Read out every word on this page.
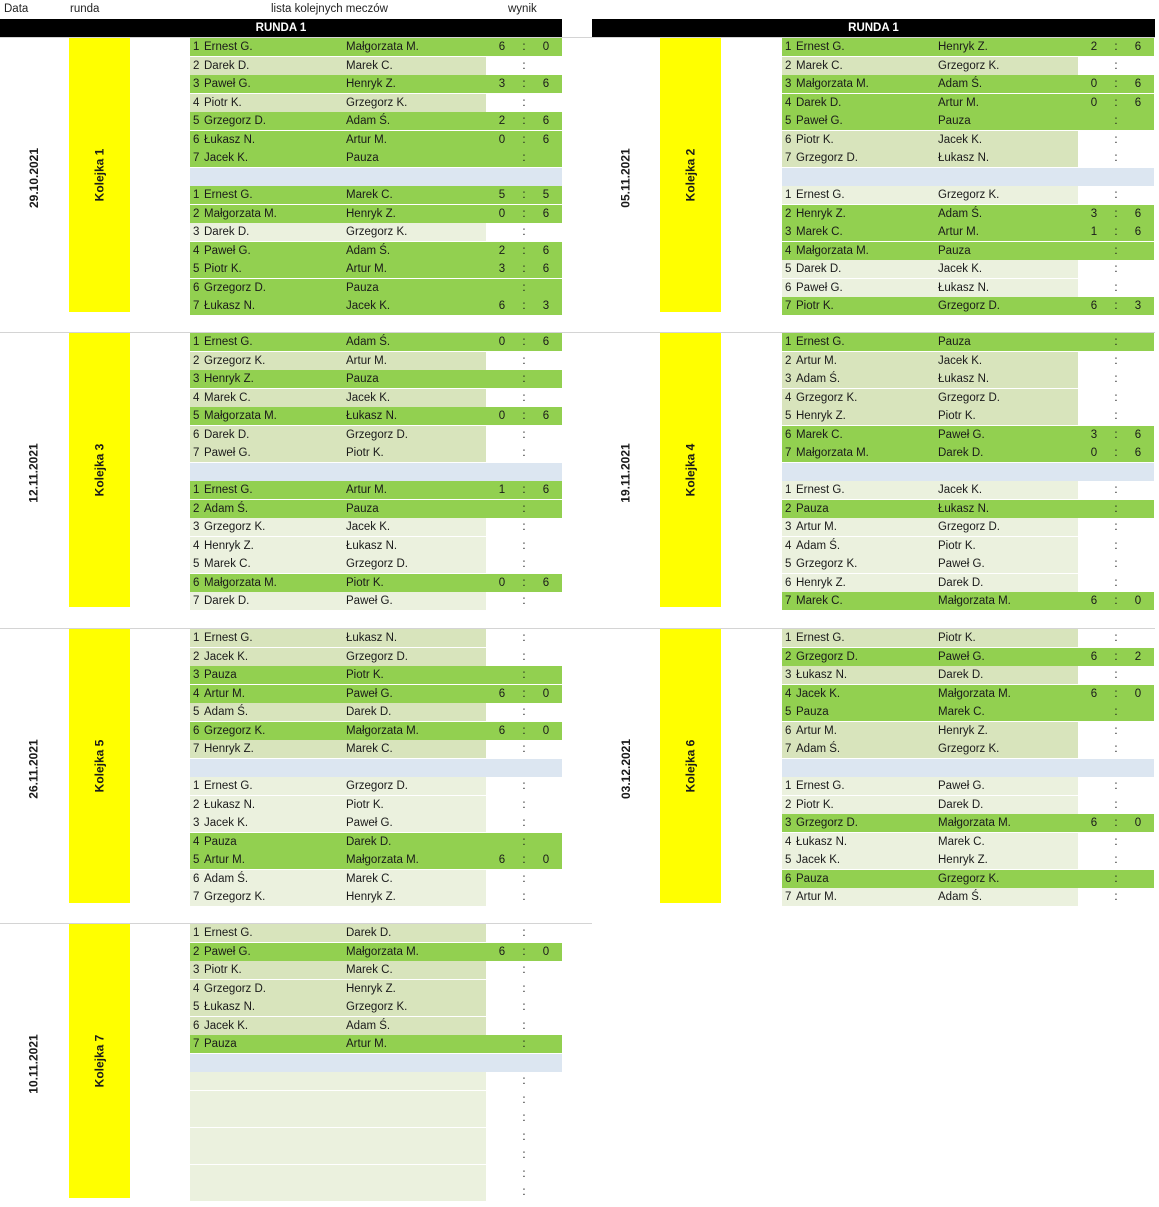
Data	runda	lista kolejnych meczów	wynik
RUNDA 1	RUNDA 1
29.10.2021	Kolejka 1
1 Ernest G.	Małgorzata M.	6	:	0
2 Darek D.	Marek C.	:
3 Paweł G.	Henryk Z.	3	:	6
4 Piotr K.	Grzegorz K.	:
5 Grzegorz D.	Adam Ś.	2	:	6
6 Łukasz N.	Artur M.	0	:	6
7 Jacek K.	Pauza	:
1 Ernest G.	Marek C.	5	:	5
2 Małgorzata M.	Henryk Z.	0	:	6
3 Darek D.	Grzegorz K.	:
4 Paweł G.	Adam Ś.	2	:	6
5 Piotr K.	Artur M.	3	:	6
6 Grzegorz D.	Pauza	:
7 Łukasz N.	Jacek K.	6	:	3
05.11.2021	Kolejka 2
1 Ernest G.	Henryk Z.	2	:	6
2 Marek C.	Grzegorz K.	:
3 Małgorzata M.	Adam Ś.	0	:	6
4 Darek D.	Artur M.	0	:	6
5 Paweł G.	Pauza	:
6 Piotr K.	Jacek K.	:
7 Grzegorz D.	Łukasz N.	:
1 Ernest G.	Grzegorz K.	:
2 Henryk Z.	Adam Ś.	3	:	6
3 Marek C.	Artur M.	1	:	6
4 Małgorzata M.	Pauza	:
5 Darek D.	Jacek K.	:
6 Paweł G.	Łukasz N.	:
7 Piotr K.	Grzegorz D.	6	:	3
12.11.2021	Kolejka 3
1 Ernest G.	Adam Ś.	0	:	6
2 Grzegorz K.	Artur M.	:
3 Henryk Z.	Pauza	:
4 Marek C.	Jacek K.	:
5 Małgorzata M.	Łukasz N.	0	:	6
6 Darek D.	Grzegorz D.	:
7 Paweł G.	Piotr K.	:
1 Ernest G.	Artur M.	1	:	6
2 Adam Ś.	Pauza	:
3 Grzegorz K.	Jacek K.	:
4 Henryk Z.	Łukasz N.	:
5 Marek C.	Grzegorz D.	:
6 Małgorzata M.	Piotr K.	0	:	6
7 Darek D.	Paweł G.	:
19.11.2021	Kolejka 4
1 Ernest G.	Pauza	:
2 Artur M.	Jacek K.	:
3 Adam Ś.	Łukasz N.	:
4 Grzegorz K.	Grzegorz D.	:
5 Henryk Z.	Piotr K.	:
6 Marek C.	Paweł G.	3	:	6
7 Małgorzata M.	Darek D.	0	:	6
1 Ernest G.	Jacek K.	:
2 Pauza	Łukasz N.	:
3 Artur M.	Grzegorz D.	:
4 Adam Ś.	Piotr K.	:
5 Grzegorz K.	Paweł G.	:
6 Henryk Z.	Darek D.	:
7 Marek C.	Małgorzata M.	6	:	0
26.11.2021	Kolejka 5
1 Ernest G.	Łukasz N.	:
2 Jacek K.	Grzegorz D.	:
3 Pauza	Piotr K.	:
4 Artur M.	Paweł G.	6	:	0
5 Adam Ś.	Darek D.	:
6 Grzegorz K.	Małgorzata M.	6	:	0
7 Henryk Z.	Marek C.	:
1 Ernest G.	Grzegorz D.	:
2 Łukasz N.	Piotr K.	:
3 Jacek K.	Paweł G.	:
4 Pauza	Darek D.	:
5 Artur M.	Małgorzata M.	6	:	0
6 Adam Ś.	Marek C.	:
7 Grzegorz K.	Henryk Z.	:
03.12.2021	Kolejka 6
1 Ernest G.	Piotr K.	:
2 Grzegorz D.	Paweł G.	6	:	2
3 Łukasz N.	Darek D.	:
4 Jacek K.	Małgorzata M.	6	:	0
5 Pauza	Marek C.	:
6 Artur M.	Henryk Z.	:
7 Adam Ś.	Grzegorz K.	:
1 Ernest G.	Paweł G.	:
2 Piotr K.	Darek D.	:
3 Grzegorz D.	Małgorzata M.	6	:	0
4 Łukasz N.	Marek C.	:
5 Jacek K.	Henryk Z.	:
6 Pauza	Grzegorz K.	:
7 Artur M.	Adam Ś.	:
10.11.2021	Kolejka 7
1 Ernest G.	Darek D.	:
2 Paweł G.	Małgorzata M.	6	:	0
3 Piotr K.	Marek C.	:
4 Grzegorz D.	Henryk Z.	:
5 Łukasz N.	Grzegorz K.	:
6 Jacek K.	Adam Ś.	:
7 Pauza	Artur M.	:
:
:
:
:
:
:
:
